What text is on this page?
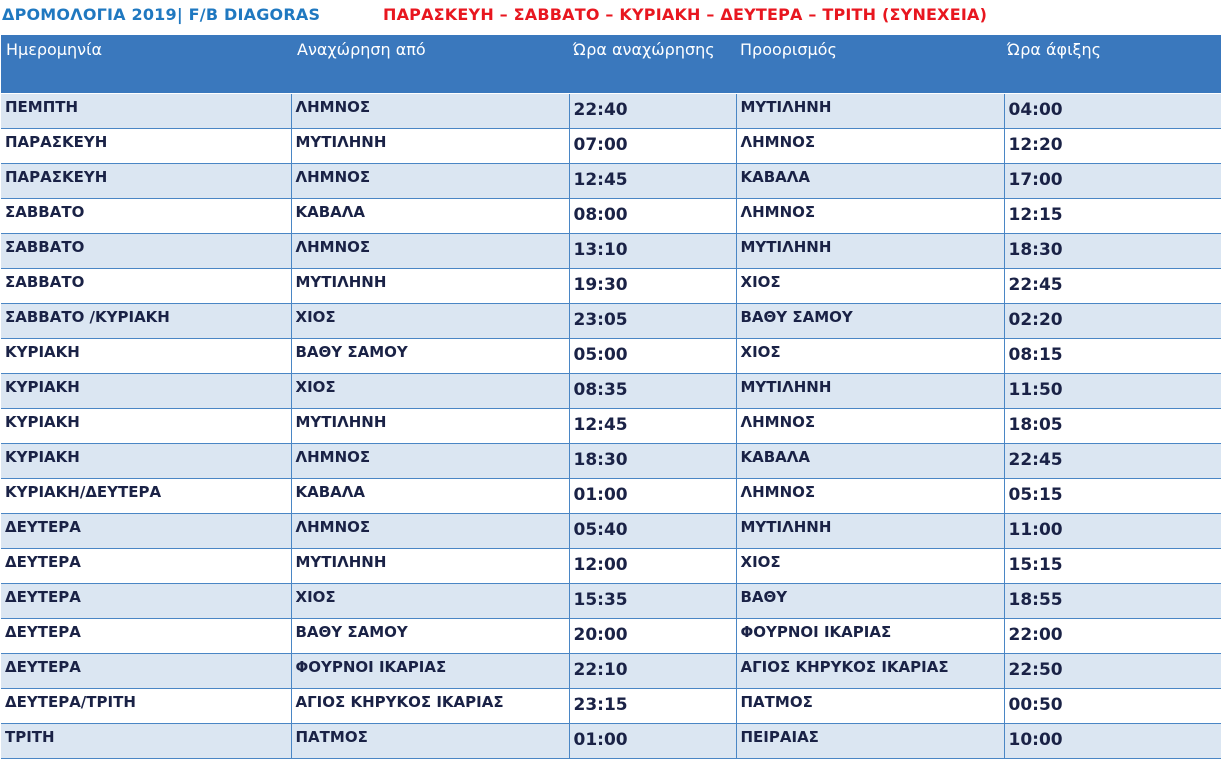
ΔΡΟΜΟΛΟΓΙΑ 2019| F/B DIAGORAS	ΠΑΡΑΣΚΕΥΗ – ΣΑΒΒΑΤΟ – ΚΥΡΙΑΚΗ – ΔΕΥΤΕΡΑ – ΤΡΙΤΗ (ΣΥΝΕΧΕΙΑ)
Ημερομηνία	Αναχώρηση από	Ώρα αναχώρησης	Προορισμός	Ώρα άφιξης
ΠΕΜΠΤΗ	ΛΗΜΝΟΣ	22:40	ΜΥΤΙΛΗΝΗ	04:00
ΠΑΡΑΣΚΕΥΗ	ΜΥΤΙΛΗΝΗ	07:00	ΛΗΜΝΟΣ	12:20
ΠΑΡΑΣΚΕΥΗ	ΛΗΜΝΟΣ	12:45	ΚΑΒΑΛΑ	17:00
ΣΑΒΒΑΤΟ	ΚΑΒΑΛΑ	08:00	ΛΗΜΝΟΣ	12:15
ΣΑΒΒΑΤΟ	ΛΗΜΝΟΣ	13:10	ΜΥΤΙΛΗΝΗ	18:30
ΣΑΒΒΑΤΟ	ΜΥΤΙΛΗΝΗ	19:30	ΧΙΟΣ	22:45
ΣΑΒΒΑΤΟ /ΚΥΡΙΑΚΗ	ΧΙΟΣ	23:05	ΒΑΘΥ ΣΑΜΟΥ	02:20
ΚΥΡΙΑΚΗ	ΒΑΘΥ ΣΑΜΟΥ	05:00	ΧΙΟΣ	08:15
ΚΥΡΙΑΚΗ	ΧΙΟΣ	08:35	ΜΥΤΙΛΗΝΗ	11:50
ΚΥΡΙΑΚΗ	ΜΥΤΙΛΗΝΗ	12:45	ΛΗΜΝΟΣ	18:05
ΚΥΡΙΑΚΗ	ΛΗΜΝΟΣ	18:30	ΚΑΒΑΛΑ	22:45
ΚΥΡΙΑΚΗ/ΔΕΥΤΕΡΑ	ΚΑΒΑΛΑ	01:00	ΛΗΜΝΟΣ	05:15
ΔΕΥΤΕΡΑ	ΛΗΜΝΟΣ	05:40	ΜΥΤΙΛΗΝΗ	11:00
ΔΕΥΤΕΡΑ	ΜΥΤΙΛΗΝΗ	12:00	ΧΙΟΣ	15:15
ΔΕΥΤΕΡΑ	ΧΙΟΣ	15:35	ΒΑΘΥ	18:55
ΔΕΥΤΕΡΑ	ΒΑΘΥ ΣΑΜΟΥ	20:00	ΦΟΥΡΝΟΙ ΙΚΑΡΙΑΣ	22:00
ΔΕΥΤΕΡΑ	ΦΟΥΡΝΟΙ ΙΚΑΡΙΑΣ	22:10	ΑΓΙΟΣ ΚΗΡΥΚΟΣ ΙΚΑΡΙΑΣ	22:50
ΔΕΥΤΕΡΑ/ΤΡΙΤΗ	ΑΓΙΟΣ ΚΗΡΥΚΟΣ ΙΚΑΡΙΑΣ	23:15	ΠΑΤΜΟΣ	00:50
ΤΡΙΤΗ	ΠΑΤΜΟΣ	01:00	ΠΕΙΡΑΙΑΣ	10:00
